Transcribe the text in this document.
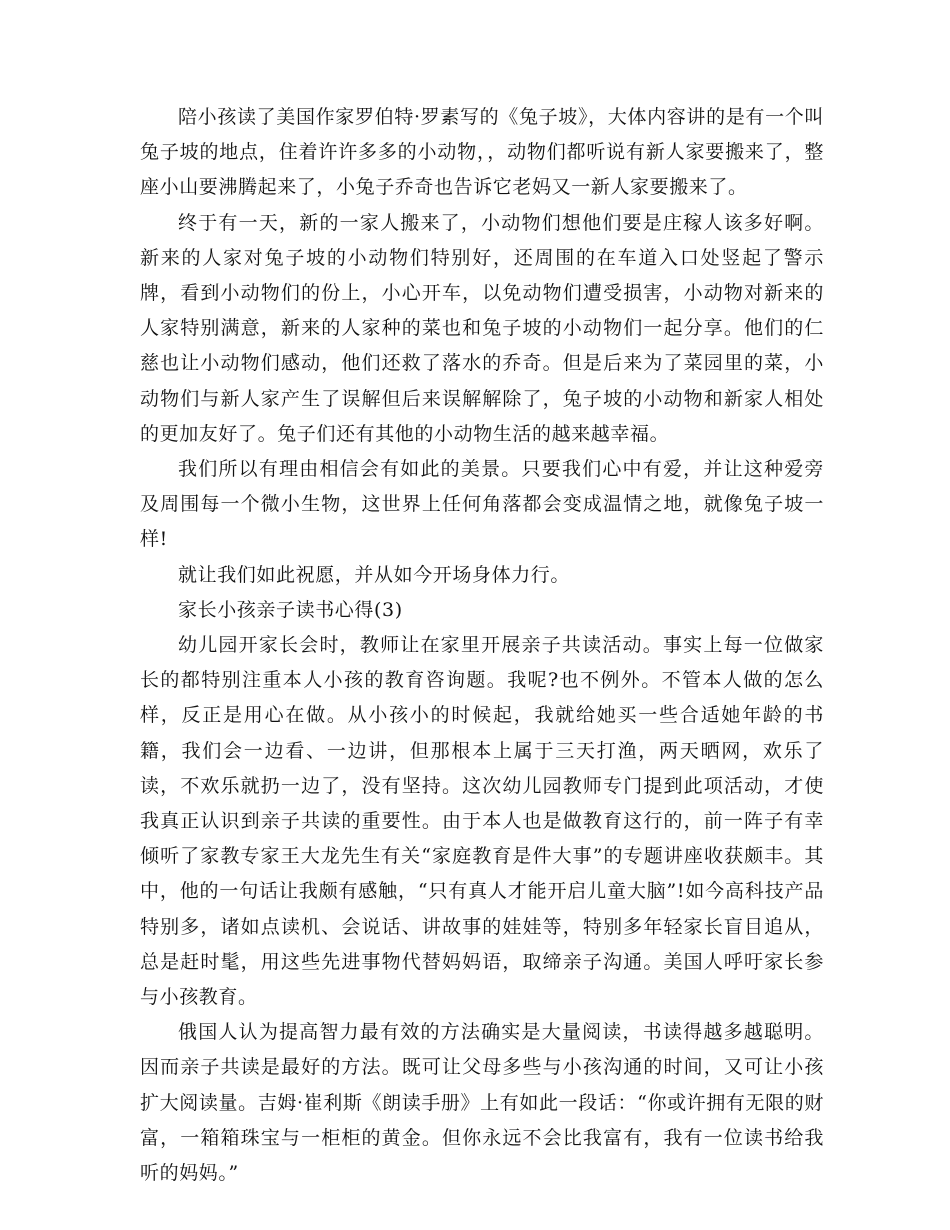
陪小孩读了美国作家罗伯特·罗素写的《兔子坡》，大体内容讲的是有一个叫兔子坡的地点，住着许许多多的小动物，，动物们都听说有新人家要搬来了，整座小山要沸腾起来了，小兔子乔奇也告诉它老妈又一新人家要搬来了。

终于有一天，新的一家人搬来了，小动物们想他们要是庄稼人该多好啊。新来的人家对兔子坡的小动物们特别好，还周围的在车道入口处竖起了警示牌，看到小动物们的份上，小心开车，以免动物们遭受损害，小动物对新来的人家特别满意，新来的人家种的菜也和兔子坡的小动物们一起分享。他们的仁慈也让小动物们感动，他们还救了落水的乔奇。但是后来为了菜园里的菜，小动物们与新人家产生了误解但后来误解解除了，兔子坡的小动物和新家人相处的更加友好了。兔子们还有其他的小动物生活的越来越幸福。

我们所以有理由相信会有如此的美景。只要我们心中有爱，并让这种爱旁及周围每一个微小生物，这世界上任何角落都会变成温情之地，就像兔子坡一样!

就让我们如此祝愿，并从如今开场身体力行。

家长小孩亲子读书心得(3)

幼儿园开家长会时，教师让在家里开展亲子共读活动。事实上每一位做家长的都特别注重本人小孩的教育咨询题。我呢?也不例外。不管本人做的怎么样，反正是用心在做。从小孩小的时候起，我就给她买一些合适她年龄的书籍，我们会一边看、一边讲，但那根本上属于三天打渔，两天晒网，欢乐了读，不欢乐就扔一边了，没有坚持。这次幼儿园教师专门提到此项活动，才使我真正认识到亲子共读的重要性。由于本人也是做教育这行的，前一阵子有幸倾听了家教专家王大龙先生有关“家庭教育是件大事”的专题讲座收获颇丰。其中，他的一句话让我颇有感触，“只有真人才能开启儿童大脑”!如今高科技产品特别多，诸如点读机、会说话、讲故事的娃娃等，特别多年轻家长盲目追从，总是赶时髦，用这些先进事物代替妈妈语，取缔亲子沟通。美国人呼吁家长参与小孩教育。

俄国人认为提高智力最有效的方法确实是大量阅读，书读得越多越聪明。因而亲子共读是最好的方法。既可让父母多些与小孩沟通的时间，又可让小孩扩大阅读量。吉姆·崔利斯《朗读手册》上有如此一段话：“你或许拥有无限的财富，一箱箱珠宝与一柜柜的黄金。但你永远不会比我富有，我有一位读书给我听的妈妈。”
